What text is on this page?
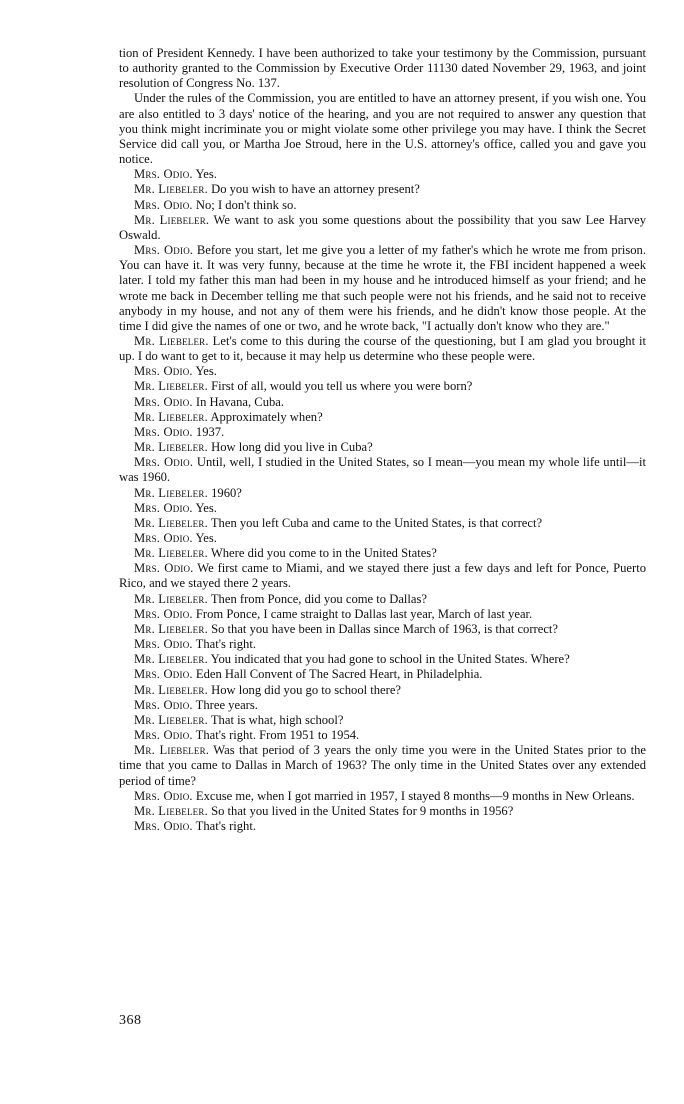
tion of President Kennedy. I have been authorized to take your testimony by the Commission, pursuant to authority granted to the Commission by Executive Order 11130 dated November 29, 1963, and joint resolution of Congress No. 137.

Under the rules of the Commission, you are entitled to have an attorney present, if you wish one. You are also entitled to 3 days' notice of the hearing, and you are not required to answer any question that you think might incriminate you or might violate some other privilege you may have. I think the Secret Service did call you, or Martha Joe Stroud, here in the U.S. attorney's office, called you and gave you notice.

Mrs. Odio. Yes.

Mr. Liebeler. Do you wish to have an attorney present?

Mrs. Odio. No; I don't think so.

Mr. Liebeler. We want to ask you some questions about the possibility that you saw Lee Harvey Oswald.

Mrs. Odio. Before you start, let me give you a letter of my father's which he wrote me from prison. You can have it. It was very funny, because at the time he wrote it, the FBI incident happened a week later. I told my father this man had been in my house and he introduced himself as your friend; and he wrote me back in December telling me that such people were not his friends, and he said not to receive anybody in my house, and not any of them were his friends, and he didn't know those people. At the time I did give the names of one or two, and he wrote back, "I actually don't know who they are."

Mr. Liebeler. Let's come to this during the course of the questioning, but I am glad you brought it up. I do want to get to it, because it may help us determine who these people were.

Mrs. Odio. Yes.

Mr. Liebeler. First of all, would you tell us where you were born?

Mrs. Odio. In Havana, Cuba.

Mr. Liebeler. Approximately when?

Mrs. Odio. 1937.

Mr. Liebeler. How long did you live in Cuba?

Mrs. Odio. Until, well, I studied in the United States, so I mean—you mean my whole life until—it was 1960.

Mr. Liebeler. 1960?

Mrs. Odio. Yes.

Mr. Liebeler. Then you left Cuba and came to the United States, is that correct?

Mrs. Odio. Yes.

Mr. Liebeler. Where did you come to in the United States?

Mrs. Odio. We first came to Miami, and we stayed there just a few days and left for Ponce, Puerto Rico, and we stayed there 2 years.

Mr. Liebeler. Then from Ponce, did you come to Dallas?

Mrs. Odio. From Ponce, I came straight to Dallas last year, March of last year.

Mr. Liebeler. So that you have been in Dallas since March of 1963, is that correct?

Mrs. Odio. That's right.

Mr. Liebeler. You indicated that you had gone to school in the United States. Where?

Mrs. Odio. Eden Hall Convent of The Sacred Heart, in Philadelphia.

Mr. Liebeler. How long did you go to school there?

Mrs. Odio. Three years.

Mr. Liebeler. That is what, high school?

Mrs. Odio. That's right. From 1951 to 1954.

Mr. Liebeler. Was that period of 3 years the only time you were in the United States prior to the time that you came to Dallas in March of 1963? The only time in the United States over any extended period of time?

Mrs. Odio. Excuse me, when I got married in 1957, I stayed 8 months—9 months in New Orleans.

Mr. Liebeler. So that you lived in the United States for 9 months in 1956?

Mrs. Odio. That's right.

368
